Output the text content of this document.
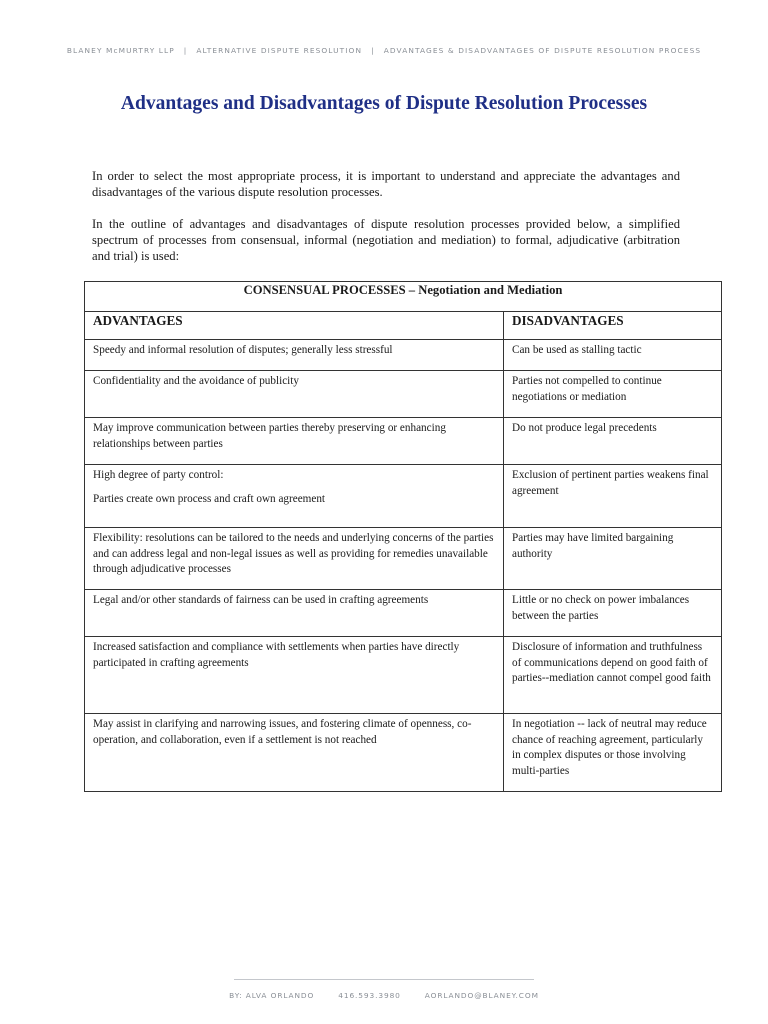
BLANEY McMURTRY LLP | ALTERNATIVE DISPUTE RESOLUTION | ADVANTAGES & DISADVANTAGES OF DISPUTE RESOLUTION PROCESS
Advantages and Disadvantages of Dispute Resolution Processes

In order to select the most appropriate process, it is important to understand and appreciate the advantages and disadvantages of the various dispute resolution processes.

In the outline of advantages and disadvantages of dispute resolution processes provided below, a simplified spectrum of processes from consensual, informal (negotiation and mediation) to formal, adjudicative (arbitration and trial) is used:

CONSENSUAL PROCESSES – Negotiation and Mediation	
ADVANTAGES	DISADVANTAGES
Speedy and informal resolution of disputes; generally less stressful	Can be used as stalling tactic
Confidentiality and the avoidance of publicity	Parties not compelled to continue negotiations or mediation
May improve communication between parties thereby preserving or enhancing relationships between parties	Do not produce legal precedents
High degree of party control:
Parties create own process and craft own agreement	Exclusion of pertinent parties weakens final agreement
Flexibility: resolutions can be tailored to the needs and underlying concerns of the parties and can address legal and non-legal issues as well as providing for remedies unavailable through adjudicative processes	Parties may have limited bargaining authority
Legal and/or other standards of fairness can be used in crafting agreements	Little or no check on power imbalances between the parties
Increased satisfaction and compliance with settlements when parties have directly participated in crafting agreements	Disclosure of information and truthfulness of communications depend on good faith of parties--mediation cannot compel good faith
May assist in clarifying and narrowing issues, and fostering climate of openness, co-operation, and collaboration, even if a settlement is not reached	In negotiation -- lack of neutral may reduce chance of reaching agreement, particularly in complex disputes or those involving multi-parties
BY: ALVA ORLANDO	416.593.3980	AORLANDO@BLANEY.COM
